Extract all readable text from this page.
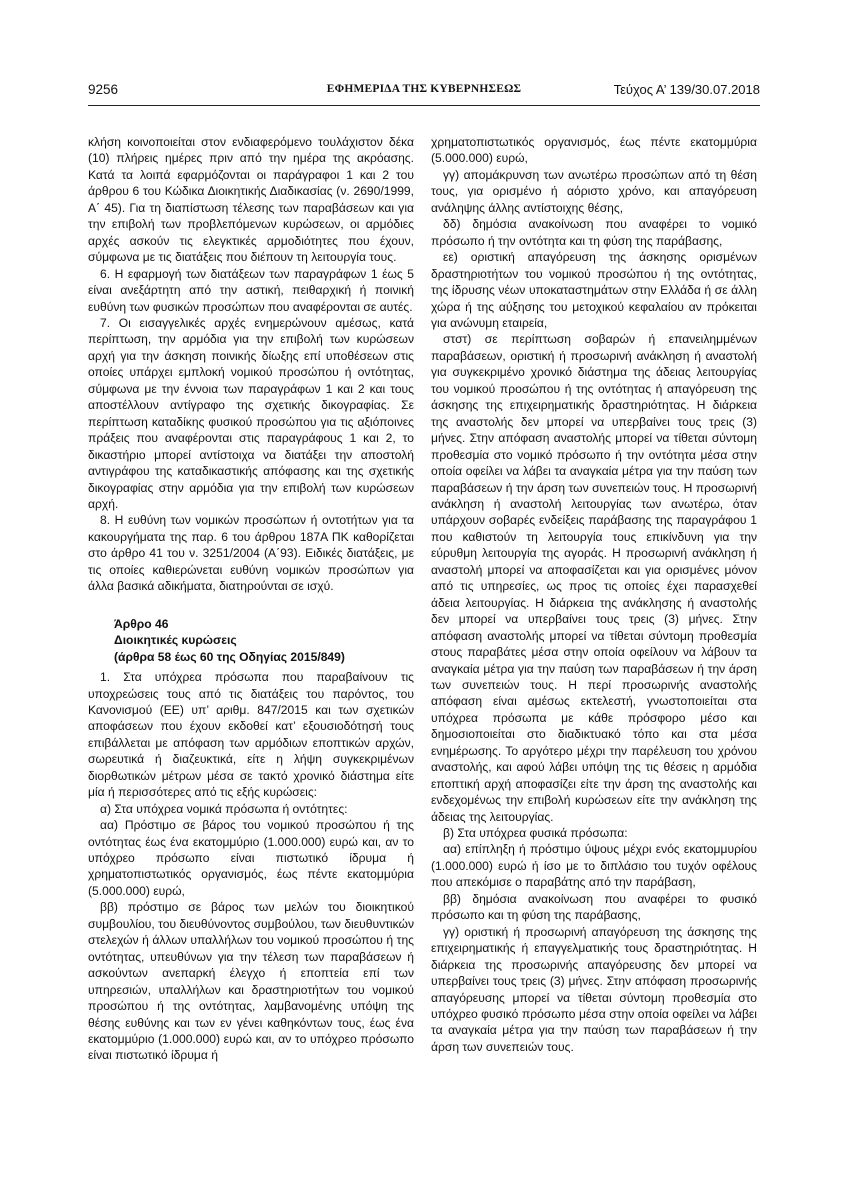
9256	ΕΦΗΜΕΡΙΔΑ ΤΗΣ ΚΥΒΕΡΝΗΣΕΩΣ	Τεύχος Α’ 139/30.07.2018

κλήση κοινοποιείται στον ενδιαφερόμενο τουλάχιστον δέκα (10) πλήρεις ημέρες πριν από την ημέρα της ακρόασης. Κατά τα λοιπά εφαρμόζονται οι παράγραφοι 1 και 2 του άρθρου 6 του Κώδικα Διοικητικής Διαδικασίας (ν. 2690/1999, Α΄ 45). Για τη διαπίστωση τέλεσης των παραβάσεων και για την επιβολή των προβλεπόμενων κυρώσεων, οι αρμόδιες αρχές ασκούν τις ελεγκτικές αρμοδιότητες που έχουν, σύμφωνα με τις διατάξεις που διέπουν τη λειτουργία τους.

6. Η εφαρμογή των διατάξεων των παραγράφων 1 έως 5 είναι ανεξάρτητη από την αστική, πειθαρχική ή ποινική ευθύνη των φυσικών προσώπων που αναφέρονται σε αυτές.

7. Οι εισαγγελικές αρχές ενημερώνουν αμέσως, κατά περίπτωση, την αρμόδια για την επιβολή των κυρώσεων αρχή για την άσκηση ποινικής δίωξης επί υποθέσεων στις οποίες υπάρχει εμπλοκή νομικού προσώπου ή οντότητας, σύμφωνα με την έννοια των παραγράφων 1 και 2 και τους αποστέλλουν αντίγραφο της σχετικής δικογραφίας. Σε περίπτωση καταδίκης φυσικού προσώπου για τις αξιόποινες πράξεις που αναφέρονται στις παραγράφους 1 και 2, το δικαστήριο μπορεί αντίστοιχα να διατάξει την αποστολή αντιγράφου της καταδικαστικής απόφασης και της σχετικής δικογραφίας στην αρμόδια για την επιβολή των κυρώσεων αρχή.

8. Η ευθύνη των νομικών προσώπων ή οντοτήτων για τα κακουργήματα της παρ. 6 του άρθρου 187Α ΠΚ καθορίζεται στο άρθρο 41 του ν. 3251/2004 (Α΄93). Ειδικές διατάξεις, με τις οποίες καθιερώνεται ευθύνη νομικών προσώπων για άλλα βασικά αδικήματα, διατηρούνται σε ισχύ.

Άρθρο 46
Διοικητικές κυρώσεις
(άρθρα 58 έως 60 της Οδηγίας 2015/849)

1. Στα υπόχρεα πρόσωπα που παραβαίνουν τις υποχρεώσεις τους από τις διατάξεις του παρόντος, του Κανονισμού (ΕΕ) υπ’ αριθμ. 847/2015 και των σχετικών αποφάσεων που έχουν εκδοθεί κατ’ εξουσιοδότησή τους επιβάλλεται με απόφαση των αρμόδιων εποπτικών αρχών, σωρευτικά ή διαζευκτικά, είτε η λήψη συγκεκριμένων διορθωτικών μέτρων μέσα σε τακτό χρονικό διάστημα είτε μία ή περισσότερες από τις εξής κυρώσεις:

α) Στα υπόχρεα νομικά πρόσωπα ή οντότητες:

αα) Πρόστιμο σε βάρος του νομικού προσώπου ή της οντότητας έως ένα εκατομμύριο (1.000.000) ευρώ και, αν το υπόχρεο πρόσωπο είναι πιστωτικό ίδρυμα ή χρηματοπιστωτικός οργανισμός, έως πέντε εκατομμύρια (5.000.000) ευρώ,

ββ) πρόστιμο σε βάρος των μελών του διοικητικού συμβουλίου, του διευθύνοντος συμβούλου, των διευθυντικών στελεχών ή άλλων υπαλλήλων του νομικού προσώπου ή της οντότητας, υπευθύνων για την τέλεση των παραβάσεων ή ασκούντων ανεπαρκή έλεγχο ή εποπτεία επί των υπηρεσιών, υπαλλήλων και δραστηριοτήτων του νομικού προσώπου ή της οντότητας, λαμβανομένης υπόψη της θέσης ευθύνης και των εν γένει καθηκόντων τους, έως ένα εκατομμύριο (1.000.000) ευρώ και, αν το υπόχρεο πρόσωπο είναι πιστωτικό ίδρυμα ή

χρηματοπιστωτικός οργανισμός, έως πέντε εκατομμύρια (5.000.000) ευρώ,

γγ) απομάκρυνση των ανωτέρω προσώπων από τη θέση τους, για ορισμένο ή αόριστο χρόνο, και απαγόρευση ανάληψης άλλης αντίστοιχης θέσης,

δδ) δημόσια ανακοίνωση που αναφέρει το νομικό πρόσωπο ή την οντότητα και τη φύση της παράβασης,

εε) οριστική απαγόρευση της άσκησης ορισμένων δραστηριοτήτων του νομικού προσώπου ή της οντότητας, της ίδρυσης νέων υποκαταστημάτων στην Ελλάδα ή σε άλλη χώρα ή της αύξησης του μετοχικού κεφαλαίου αν πρόκειται για ανώνυμη εταιρεία,

στστ) σε περίπτωση σοβαρών ή επανειλημμένων παραβάσεων, οριστική ή προσωρινή ανάκληση ή αναστολή για συγκεκριμένο χρονικό διάστημα της άδειας λειτουργίας του νομικού προσώπου ή της οντότητας ή απαγόρευση της άσκησης της επιχειρηματικής δραστηριότητας. Η διάρκεια της αναστολής δεν μπορεί να υπερβαίνει τους τρεις (3) μήνες. Στην απόφαση αναστολής μπορεί να τίθεται σύντομη προθεσμία στο νομικό πρόσωπο ή την οντότητα μέσα στην οποία οφείλει να λάβει τα αναγκαία μέτρα για την παύση των παραβάσεων ή την άρση των συνεπειών τους. Η προσωρινή ανάκληση ή αναστολή λειτουργίας των ανωτέρω, όταν υπάρχουν σοβαρές ενδείξεις παράβασης της παραγράφου 1 που καθιστούν τη λειτουργία τους επικίνδυνη για την εύρυθμη λειτουργία της αγοράς. Η προσωρινή ανάκληση ή αναστολή μπορεί να αποφασίζεται και για ορισμένες μόνον από τις υπηρεσίες, ως προς τις οποίες έχει παρασχεθεί άδεια λειτουργίας. Η διάρκεια της ανάκλησης ή αναστολής δεν μπορεί να υπερβαίνει τους τρεις (3) μήνες. Στην απόφαση αναστολής μπορεί να τίθεται σύντομη προθεσμία στους παραβάτες μέσα στην οποία οφείλουν να λάβουν τα αναγκαία μέτρα για την παύση των παραβάσεων ή την άρση των συνεπειών τους. Η περί προσωρινής αναστολής απόφαση είναι αμέσως εκτελεστή, γνωστοποιείται στα υπόχρεα πρόσωπα με κάθε πρόσφορο μέσο και δημοσιοποιείται στο διαδικτυακό τόπο και στα μέσα ενημέρωσης. Το αργότερο μέχρι την παρέλευση του χρόνου αναστολής, και αφού λάβει υπόψη της τις θέσεις η αρμόδια εποπτική αρχή αποφασίζει είτε την άρση της αναστολής και ενδεχομένως την επιβολή κυρώσεων είτε την ανάκληση της άδειας της λειτουργίας.

β) Στα υπόχρεα φυσικά πρόσωπα:

αα) επίπληξη ή πρόστιμο ύψους μέχρι ενός εκατομμυρίου (1.000.000) ευρώ ή ίσο με το διπλάσιο του τυχόν οφέλους που απεκόμισε ο παραβάτης από την παράβαση,

ββ) δημόσια ανακοίνωση που αναφέρει το φυσικό πρόσωπο και τη φύση της παράβασης,

γγ) οριστική ή προσωρινή απαγόρευση της άσκησης της επιχειρηματικής ή επαγγελματικής τους δραστηριότητας. Η διάρκεια της προσωρινής απαγόρευσης δεν μπορεί να υπερβαίνει τους τρεις (3) μήνες. Στην απόφαση προσωρινής απαγόρευσης μπορεί να τίθεται σύντομη προθεσμία στο υπόχρεο φυσικό πρόσωπο μέσα στην οποία οφείλει να λάβει τα αναγκαία μέτρα για την παύση των παραβάσεων ή την άρση των συνεπειών τους.
